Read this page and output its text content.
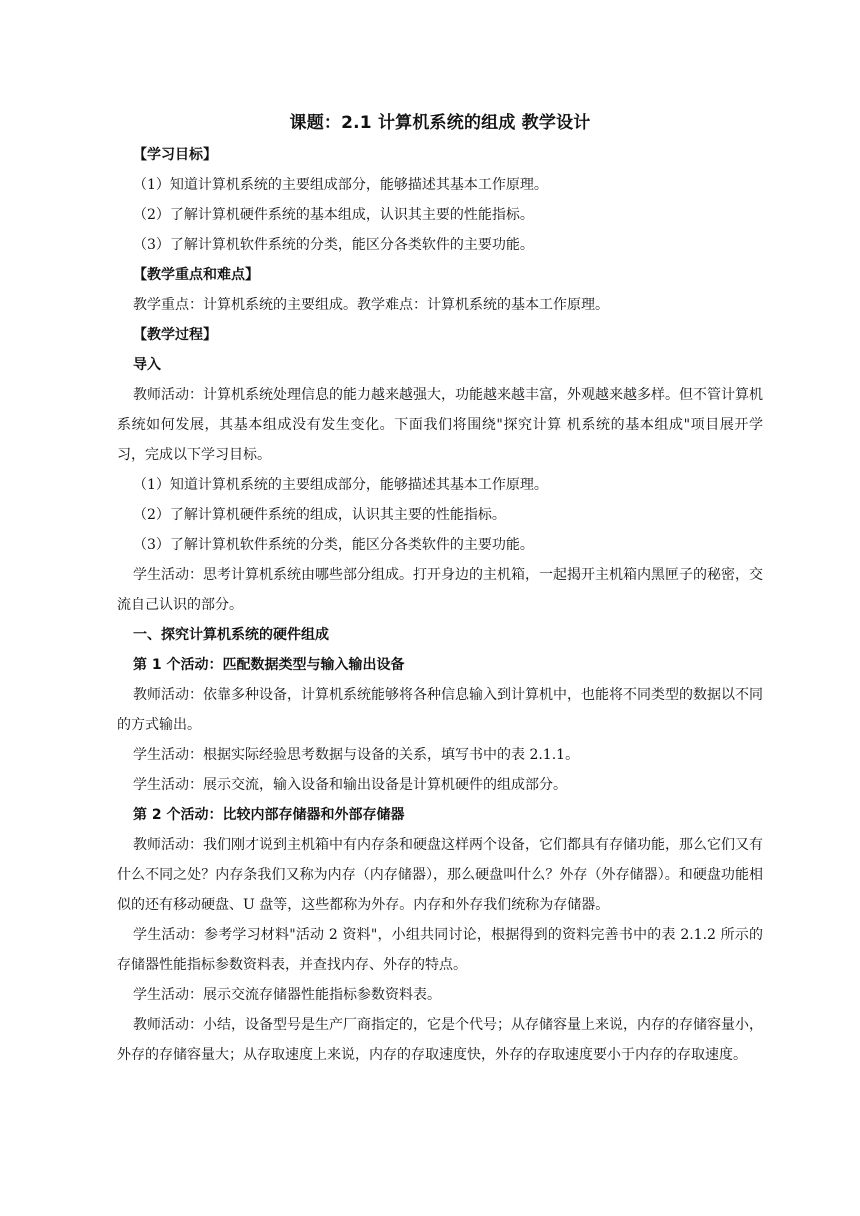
课题：2.1 计算机系统的组成 教学设计

【学习目标】

（1）知道计算机系统的主要组成部分，能够描述其基本工作原理。

（2）了解计算机硬件系统的基本组成，认识其主要的性能指标。

（3）了解计算机软件系统的分类，能区分各类软件的主要功能。

【教学重点和难点】

教学重点：计算机系统的主要组成。教学难点：计算机系统的基本工作原理。

【教学过程】

导入

教师活动：计算机系统处理信息的能力越来越强大，功能越来越丰富，外观越来越多样。但不管计算机系统如何发展，其基本组成没有发生变化。下面我们将围绕"探究计算 机系统的基本组成"项目展开学习，完成以下学习目标。

（1）知道计算机系统的主要组成部分，能够描述其基本工作原理。

（2）了解计算机硬件系统的组成，认识其主要的性能指标。

（3）了解计算机软件系统的分类，能区分各类软件的主要功能。

学生活动：思考计算机系统由哪些部分组成。打开身边的主机箱，一起揭开主机箱内黑匣子的秘密，交流自己认识的部分。

一、探究计算机系统的硬件组成

第 1 个活动：匹配数据类型与输入输出设备

教师活动：依靠多种设备，计算机系统能够将各种信息输入到计算机中，也能将不同类型的数据以不同的方式输出。

学生活动：根据实际经验思考数据与设备的关系，填写书中的表 2.1.1。

学生活动：展示交流，输入设备和输出设备是计算机硬件的组成部分。

第 2 个活动：比较内部存储器和外部存储器

教师活动：我们刚才说到主机箱中有内存条和硬盘这样两个设备，它们都具有存储功能，那么它们又有什么不同之处？内存条我们又称为内存（内存储器），那么硬盘叫什么？外存（外存储器）。和硬盘功能相似的还有移动硬盘、U 盘等，这些都称为外存。内存和外存我们统称为存储器。

学生活动：参考学习材料"活动 2 资料"，小组共同讨论，根据得到的资料完善书中的表 2.1.2 所示的存储器性能指标参数资料表，并查找内存、外存的特点。

学生活动：展示交流存储器性能指标参数资料表。

教师活动：小结，设备型号是生产厂商指定的，它是个代号；从存储容量上来说，内存的存储容量小，外存的存储容量大；从存取速度上来说，内存的存取速度快，外存的存取速度要小于内存的存取速度。
